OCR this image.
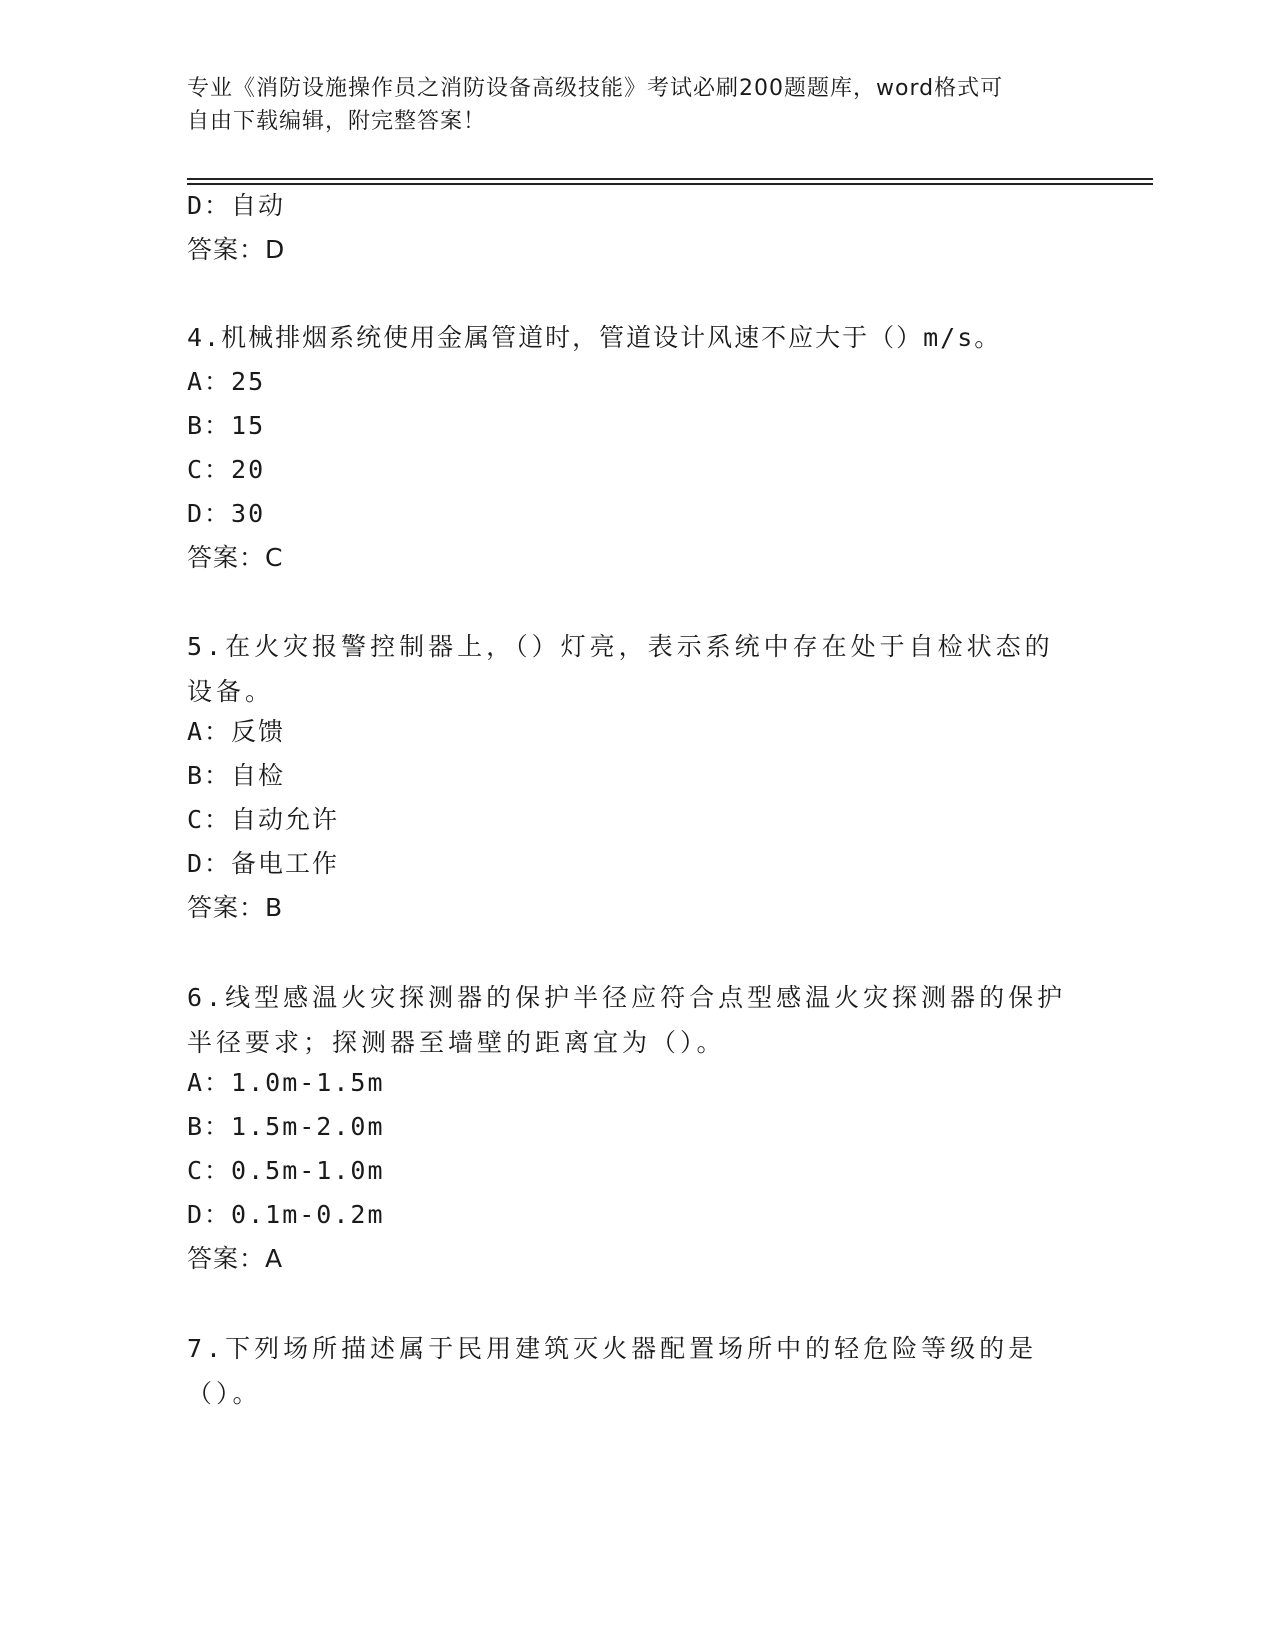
专业《消防设施操作员之消防设备高级技能》考试必刷200题题库，word格式可
自由下载编辑，附完整答案！
D：自动
答案：D
4.机械排烟系统使用金属管道时，管道设计风速不应大于（）m/s。
A：25
B：15
C：20
D：30
答案：C
5.在火灾报警控制器上，（）灯亮，表示系统中存在处于自检状态的设备。
A：反馈
B：自检
C：自动允许
D：备电工作
答案：B
6.线型感温火灾探测器的保护半径应符合点型感温火灾探测器的保护半径要求；探测器至墙壁的距离宜为（）。
A：1.0m-1.5m
B：1.5m-2.0m
C：0.5m-1.0m
D：0.1m-0.2m
答案：A
7.下列场所描述属于民用建筑灭火器配置场所中的轻危险等级的是（）。
